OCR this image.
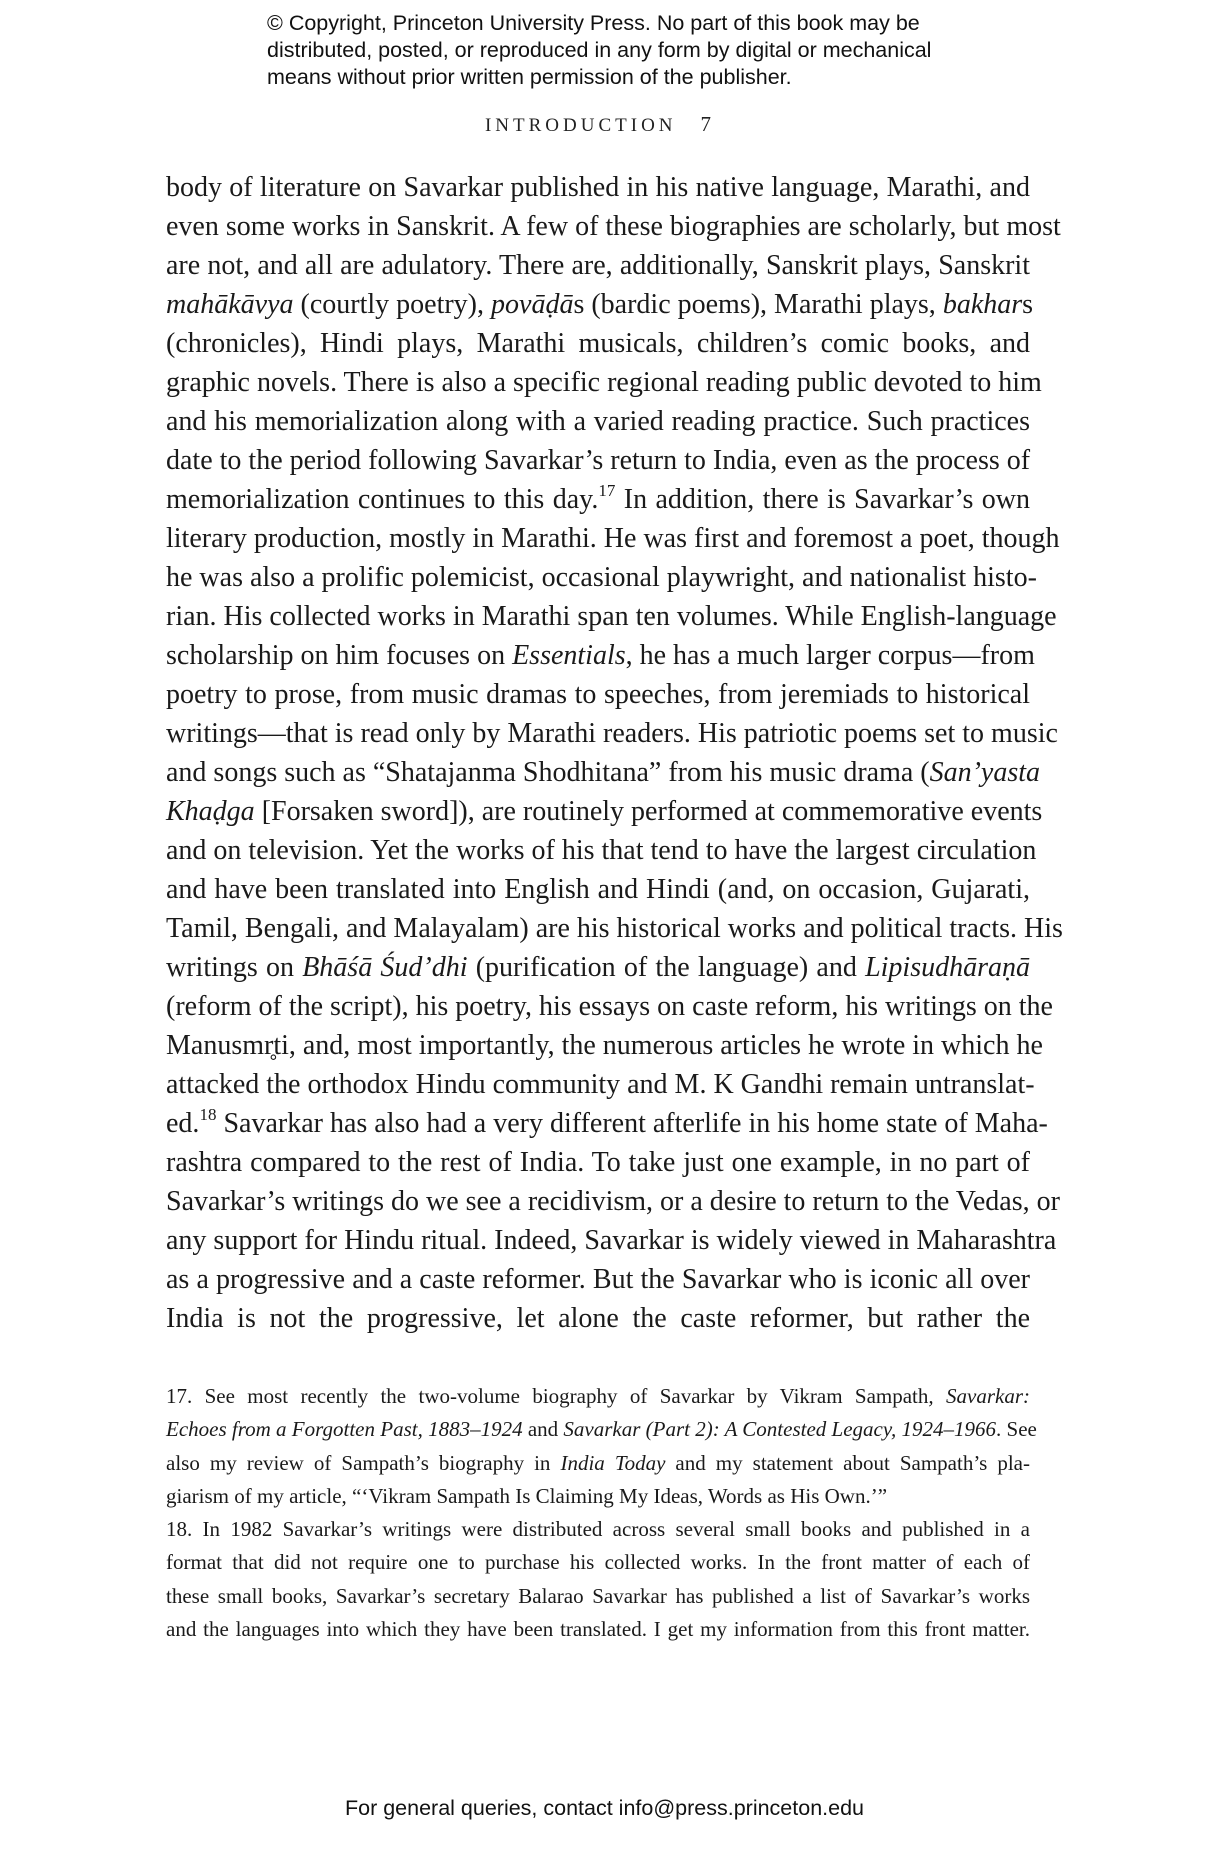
© Copyright, Princeton University Press. No part of this book may be
distributed, posted, or reproduced in any form by digital or mechanical
means without prior written permission of the publisher.
INTRODUCTION 7
body of literature on Savarkar published in his native language, Marathi, and
even some works in Sanskrit. A few of these biographies are scholarly, but most
are not, and all are adulatory. There are, additionally, Sanskrit plays, Sanskrit
mahākāvya (courtly poetry), povāḍās (bardic poems), Marathi plays, bakhars
(chronicles), Hindi plays, Marathi musicals, children’s comic books, and
graphic novels. There is also a specific regional reading public devoted to him
and his memorialization along with a varied reading practice. Such practices
date to the period following Savarkar’s return to India, even as the process of
memorialization continues to this day.$^{17}$ In addition, there is Savarkar’s own
literary production, mostly in Marathi. He was first and foremost a poet, though
he was also a prolific polemicist, occasional playwright, and nationalist histo-
rian. His collected works in Marathi span ten volumes. While English-language
scholarship on him focuses on Essentials, he has a much larger corpus—from
poetry to prose, from music dramas to speeches, from jeremiads to historical
writings—that is read only by Marathi readers. His patriotic poems set to music
and songs such as “Shatajanma Shodhitana” from his music drama (San’yasta
Khaḍga [Forsaken sword]), are routinely performed at commemorative events
and on television. Yet the works of his that tend to have the largest circulation
and have been translated into English and Hindi (and, on occasion, Gujarati,
Tamil, Bengali, and Malayalam) are his historical works and political tracts. His
writings on Bhāśā Śud’dhi (purification of the language) and Lipisudhāraṇā
(reform of the script), his poetry, his essays on caste reform, his writings on the
Manusmr̥ti, and, most importantly, the numerous articles he wrote in which he
attacked the orthodox Hindu community and M. K Gandhi remain untranslat-
ed.$^{18}$ Savarkar has also had a very different afterlife in his home state of Maha-
rashtra compared to the rest of India. To take just one example, in no part of
Savarkar’s writings do we see a recidivism, or a desire to return to the Vedas, or
any support for Hindu ritual. Indeed, Savarkar is widely viewed in Maharashtra
as a progressive and a caste reformer. But the Savarkar who is iconic all over
India is not the progressive, let alone the caste reformer, but rather the
17. See most recently the two-volume biography of Savarkar by Vikram Sampath, Savarkar:
Echoes from a Forgotten Past, 1883–1924 and Savarkar (Part 2): A Contested Legacy, 1924–1966. See
also my review of Sampath’s biography in India Today and my statement about Sampath’s pla-
giarism of my article, “‘Vikram Sampath Is Claiming My Ideas, Words as His Own.’”
18. In 1982 Savarkar’s writings were distributed across several small books and published in a
format that did not require one to purchase his collected works. In the front matter of each of
these small books, Savarkar’s secretary Balarao Savarkar has published a list of Savarkar’s works
and the languages into which they have been translated. I get my information from this front matter.
For general queries, contact info@press.princeton.edu
